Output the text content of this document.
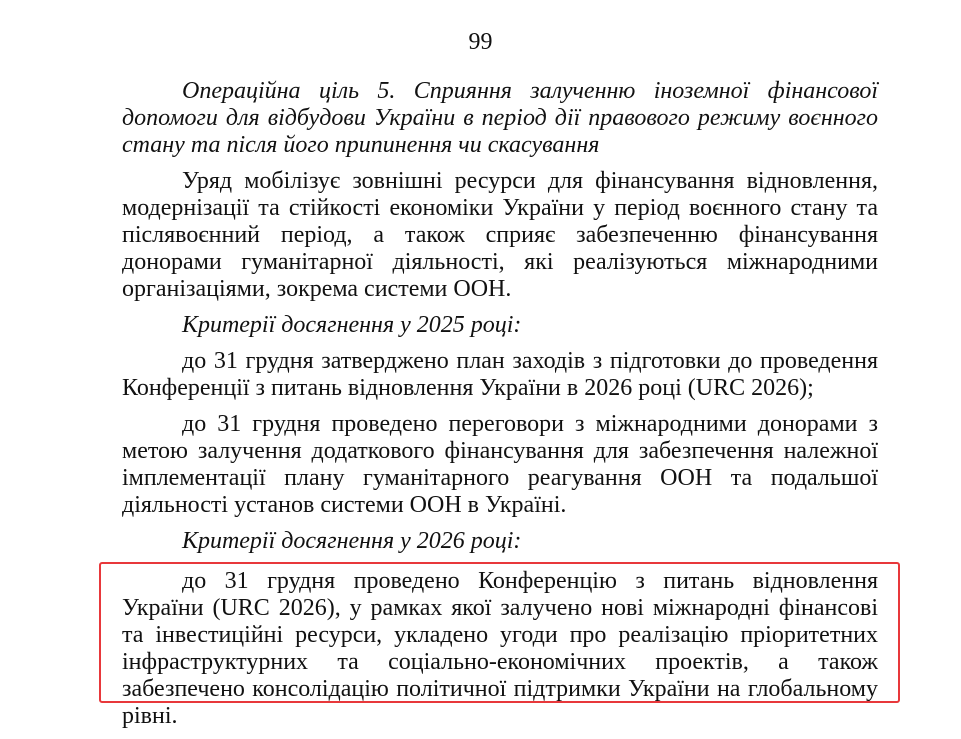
99

Операційна ціль 5. Сприяння залученню іноземної фінансової допомоги для відбудови України в період дії правового режиму воєнного стану та після його припинення чи скасування

Уряд мобілізує зовнішні ресурси для фінансування відновлення, модернізації та стійкості економіки України у період воєнного стану та післявоєнний період, а також сприяє забезпеченню фінансування донорами гуманітарної діяльності, які реалізуються міжнародними організаціями, зокрема системи ООН.

Критерії досягнення у 2025 році:

до 31 грудня затверджено план заходів з підготовки до проведення Конференції з питань відновлення України в 2026 році (URC 2026);

до 31 грудня проведено переговори з міжнародними донорами з метою залучення додаткового фінансування для забезпечення належної імплементації плану гуманітарного реагування ООН та подальшої діяльності установ системи ООН в Україні.

Критерії досягнення у 2026 році:

до 31 грудня проведено Конференцію з питань відновлення України (URC 2026), у рамках якої залучено нові міжнародні фінансові та інвестиційні ресурси, укладено угоди про реалізацію пріоритетних інфраструктурних та соціально-економічних проектів, а також забезпечено консолідацію політичної підтримки України на глобальному рівні.
